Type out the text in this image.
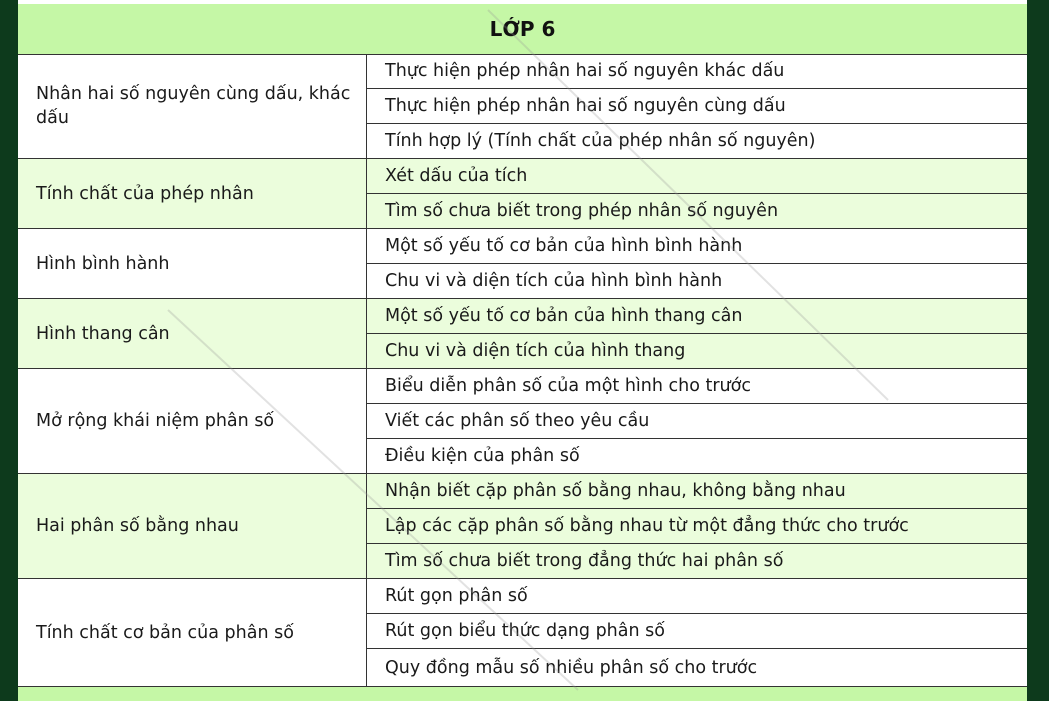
LỚP 6
Nhân hai số nguyên cùng dấu, khác dấu
Thực hiện phép nhân hai số nguyên khác dấu
Thực hiện phép nhân hai số nguyên cùng dấu
Tính hợp lý (Tính chất của phép nhân số nguyên)
Tính chất của phép nhân
Xét dấu của tích
Tìm số chưa biết trong phép nhân số nguyên
Hình bình hành
Một số yếu tố cơ bản của hình bình hành
Chu vi và diện tích của hình bình hành
Hình thang cân
Một số yếu tố cơ bản của hình thang cân
Chu vi và diện tích của hình thang
Mở rộng khái niệm phân số
Biểu diễn phân số của một hình cho trước
Viết các phân số theo yêu cầu
Điều kiện của phân số
Hai phân số bằng nhau
Nhận biết cặp phân số bằng nhau, không bằng nhau
Lập các cặp phân số bằng nhau từ một đẳng thức cho trước
Tìm số chưa biết trong đẳng thức hai phân số
Tính chất cơ bản của phân số
Rút gọn phân số
Rút gọn biểu thức dạng phân số
Quy đồng mẫu số nhiều phân số cho trước
